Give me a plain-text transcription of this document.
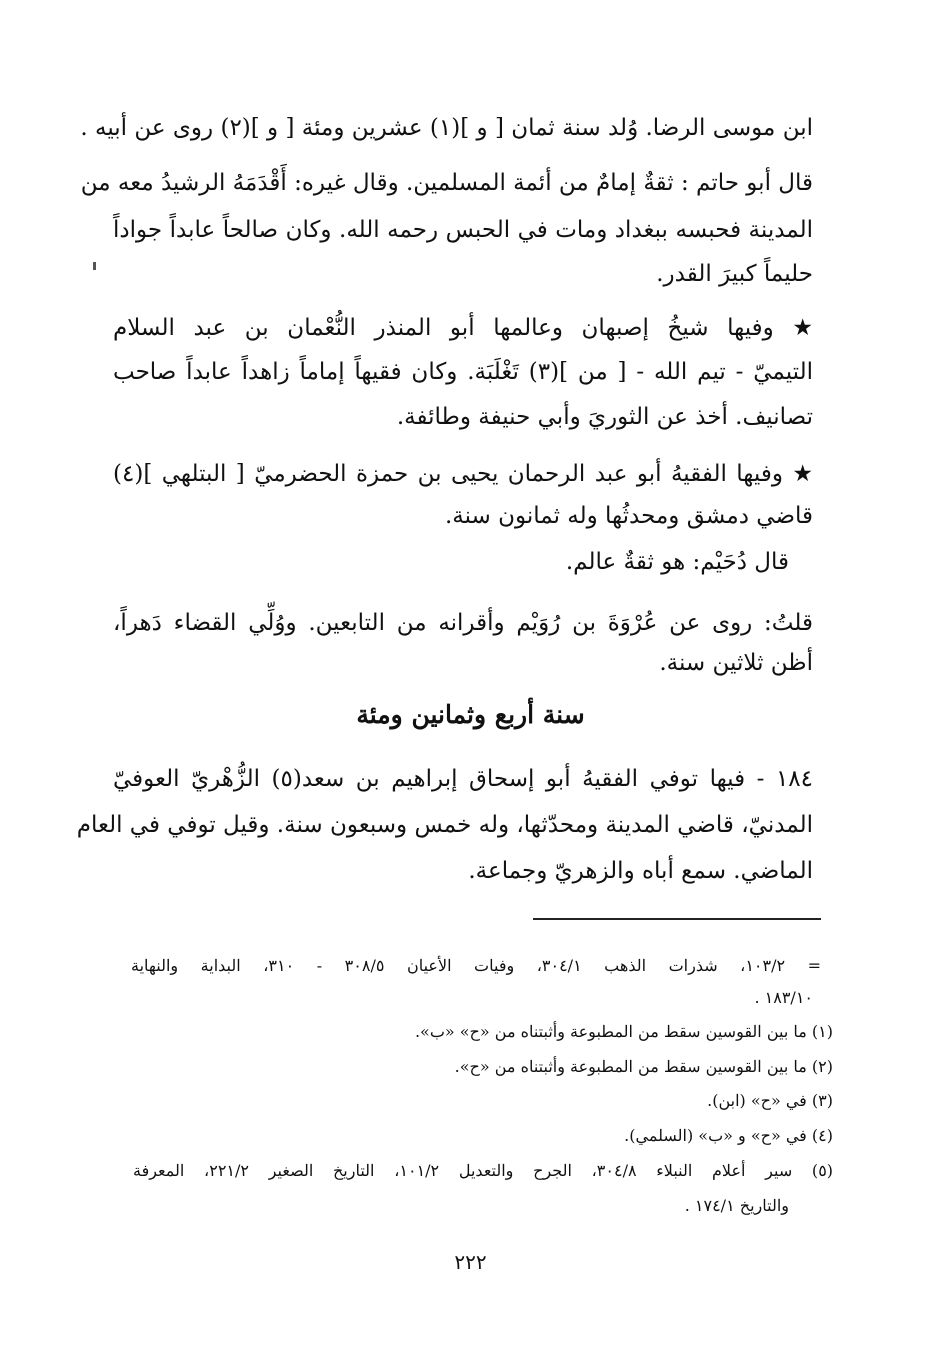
ابن موسى الرضا. وُلد سنة ثمان [ و ](١) عشرين ومئة [ و ](٢) روى عن أبيه .
قال أبو حاتم : ثقةٌ إمامٌ من أئمة المسلمين. وقال غيره: أَقْدَمَهُ الرشيدُ معه من
المدينة فحبسه ببغداد ومات في الحبس رحمه الله. وكان صالحاً عابداً جواداً
حليماً كبيرَ القدر.
★ وفيها شيخُ إصبهان وعالمها أبو المنذر النُّعْمان بن عبد السلام
التيميّ - تيم الله - [ من ](٣) تَغْلَبَة. وكان فقيهاً إماماً زاهداً عابداً صاحب
تصانيف. أخذ عن الثوريَ وأبي حنيفة وطائفة.
★ وفيها الفقيهُ أبو عبد الرحمان يحيى بن حمزة الحضرميّ [ البتلهي ](٤)
قاضي دمشق ومحدثُها وله ثمانون سنة.
قال دُحَيْم: هو ثقةٌ عالم.
قلتُ: روى عن عُرْوَةَ بن رُوَيْم وأقرانه من التابعين. ووُلِّي القضاء دَهراً،
أظن ثلاثين سنة.
سنة أربع وثمانين ومئة
١٨٤ - فيها توفي الفقيهُ أبو إسحاق إبراهيم بن سعد(٥) الزُّهْريّ العوفيّ
المدنيّ، قاضي المدينة ومحدّثها، وله خمس وسبعون سنة. وقيل توفي في العام
الماضي. سمع أباه والزهريّ وجماعة.
= ١٠٣/٢، شذرات الذهب ٣٠٤/١، وفيات الأعيان ٣٠٨/٥ - ٣١٠، البداية والنهاية
١٨٣/١٠ .
(١) ما بين القوسين سقط من المطبوعة وأثبتناه من «ح» «ب».
(٢) ما بين القوسين سقط من المطبوعة وأثبتناه من «ح».
(٣) في «ح» (ابن).
(٤) في «ح» و «ب» (السلمي).
(٥) سير أعلام النبلاء ٣٠٤/٨، الجرح والتعديل ١٠١/٢، التاريخ الصغير ٢٢١/٢، المعرفة
والتاريخ ١٧٤/١ .
٢٢٢
